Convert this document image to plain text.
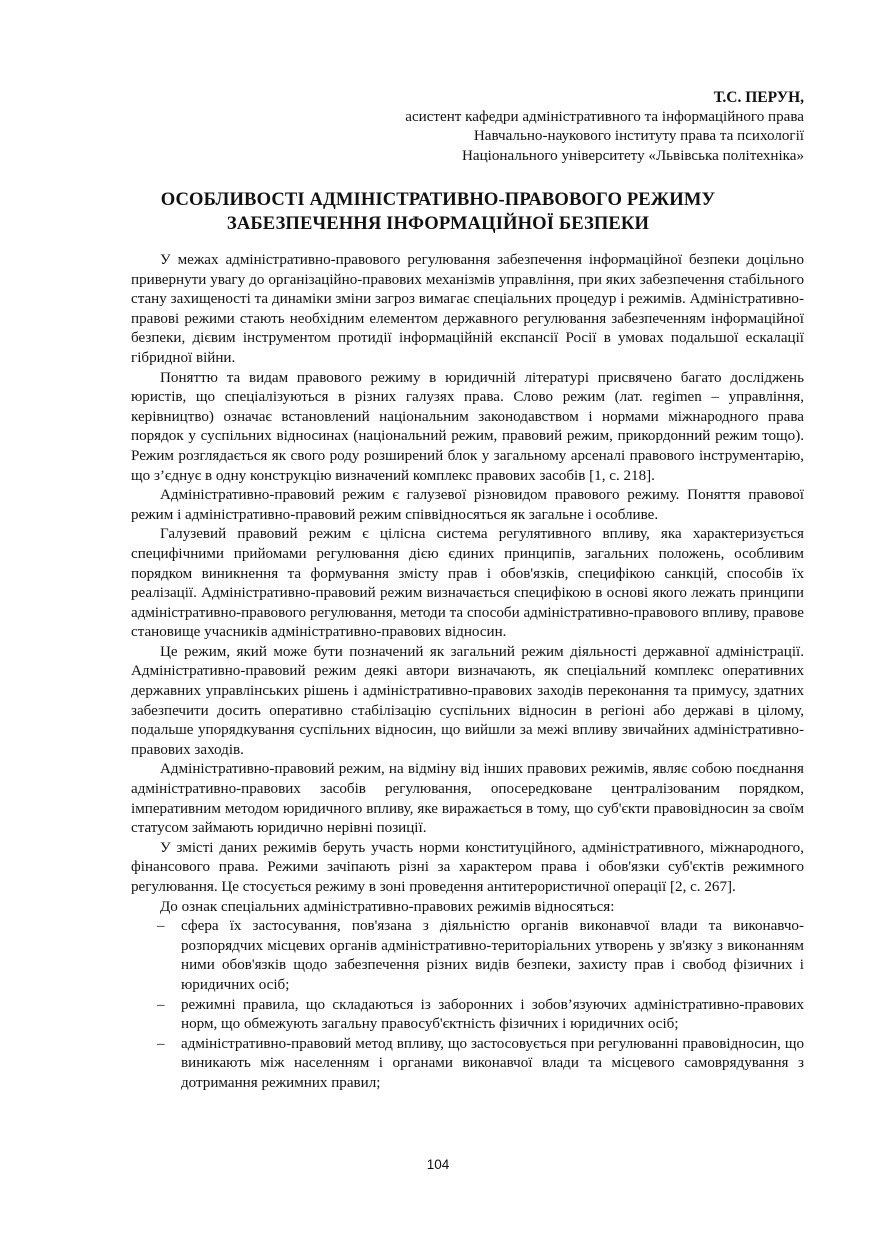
Т.С. ПЕРУН,
асистент кафедри адміністративного та інформаційного права
Навчально-наукового інституту права та психології
Національного університету «Львівська політехніка»
ОСОБЛИВОСТІ АДМІНІСТРАТИВНО-ПРАВОВОГО РЕЖИМУ
ЗАБЕЗПЕЧЕННЯ ІНФОРМАЦІЙНОЇ БЕЗПЕКИ

У межах адміністративно-правового регулювання забезпечення інформаційної безпеки доцільно привернути увагу до організаційно-правових механізмів управління, при яких забезпечення стабільного стану захищеності та динаміки зміни загроз вимагає спеціальних процедур і режимів. Адміністративно-правові режими стають необхідним елементом державного регулювання забезпеченням інформаційної безпеки, дієвим інструментом протидії інформаційній експансії Росії в умовах подальшої ескалації гібридної війни.

Поняттю та видам правового режиму в юридичній літературі присвячено багато досліджень юристів, що спеціалізуються в різних галузях права. Слово режим (лат. regimen – управління, керівництво) означає встановлений національним законодавством і нормами міжнародного права порядок у суспільних відносинах (національний режим, правовий режим, прикордонний режим тощо). Режим розглядається як свого роду розширений блок у загальному арсеналі правового інструментарію, що з’єднує в одну конструкцію визначений комплекс правових засобів [1, с. 218].

Адміністративно-правовий режим є галузевої різновидом правового режиму. Поняття правової режим і адміністративно-правовий режим співвідносяться як загальне і особливе.

Галузевий правовий режим є цілісна система регулятивного впливу, яка характеризується специфічними прийомами регулювання дією єдиних принципів, загальних положень, особливим порядком виникнення та формування змісту прав і обов'язків, специфікою санкцій, способів їх реалізації. Адміністративно-правовий режим визначається специфікою в основі якого лежать принципи адміністративно-правового регулювання, методи та способи адміністративно-правового впливу, правове становище учасників адміністративно-правових відносин.

Це режим, який може бути позначений як загальний режим діяльності державної адміністрації. Адміністративно-правовий режим деякі автори визначають, як спеціальний комплекс оперативних державних управлінських рішень і адміністративно-правових заходів переконання та примусу, здатних забезпечити досить оперативно стабілізацію суспільних відносин в регіоні або державі в цілому, подальше упорядкування суспільних відносин, що вийшли за межі впливу звичайних адміністративно-правових заходів.

Адміністративно-правовий режим, на відміну від інших правових режимів, являє собою поєднання адміністративно-правових засобів регулювання, опосередковане централізованим порядком, імперативним методом юридичного впливу, яке виражається в тому, що суб'єкти правовідносин за своїм статусом займають юридично нерівні позиції.

У змісті даних режимів беруть участь норми конституційного, адміністративного, міжнародного, фінансового права. Режими зачіпають різні за характером права і обов'язки суб'єктів режимного регулювання. Це стосується режиму в зоні проведення антитерористичної операції [2, с. 267].

До ознак спеціальних адміністративно-правових режимів відносяться:

– сфера їх застосування, пов'язана з діяльністю органів виконавчої влади та виконавчо-розпорядчих місцевих органів адміністративно-територіальних утворень у зв'язку з виконанням ними обов'язків щодо забезпечення різних видів безпеки, захисту прав і свобод фізичних і юридичних осіб;
– режимні правила, що складаються із заборонних і зобов’язуючих адміністративно-правових норм, що обмежують загальну правосуб'єктність фізичних і юридичних осіб;
– адміністративно-правовий метод впливу, що застосовується при регулюванні правовідносин, що виникають між населенням і органами виконавчої влади та місцевого самоврядування з дотримання режимних правил;
104
